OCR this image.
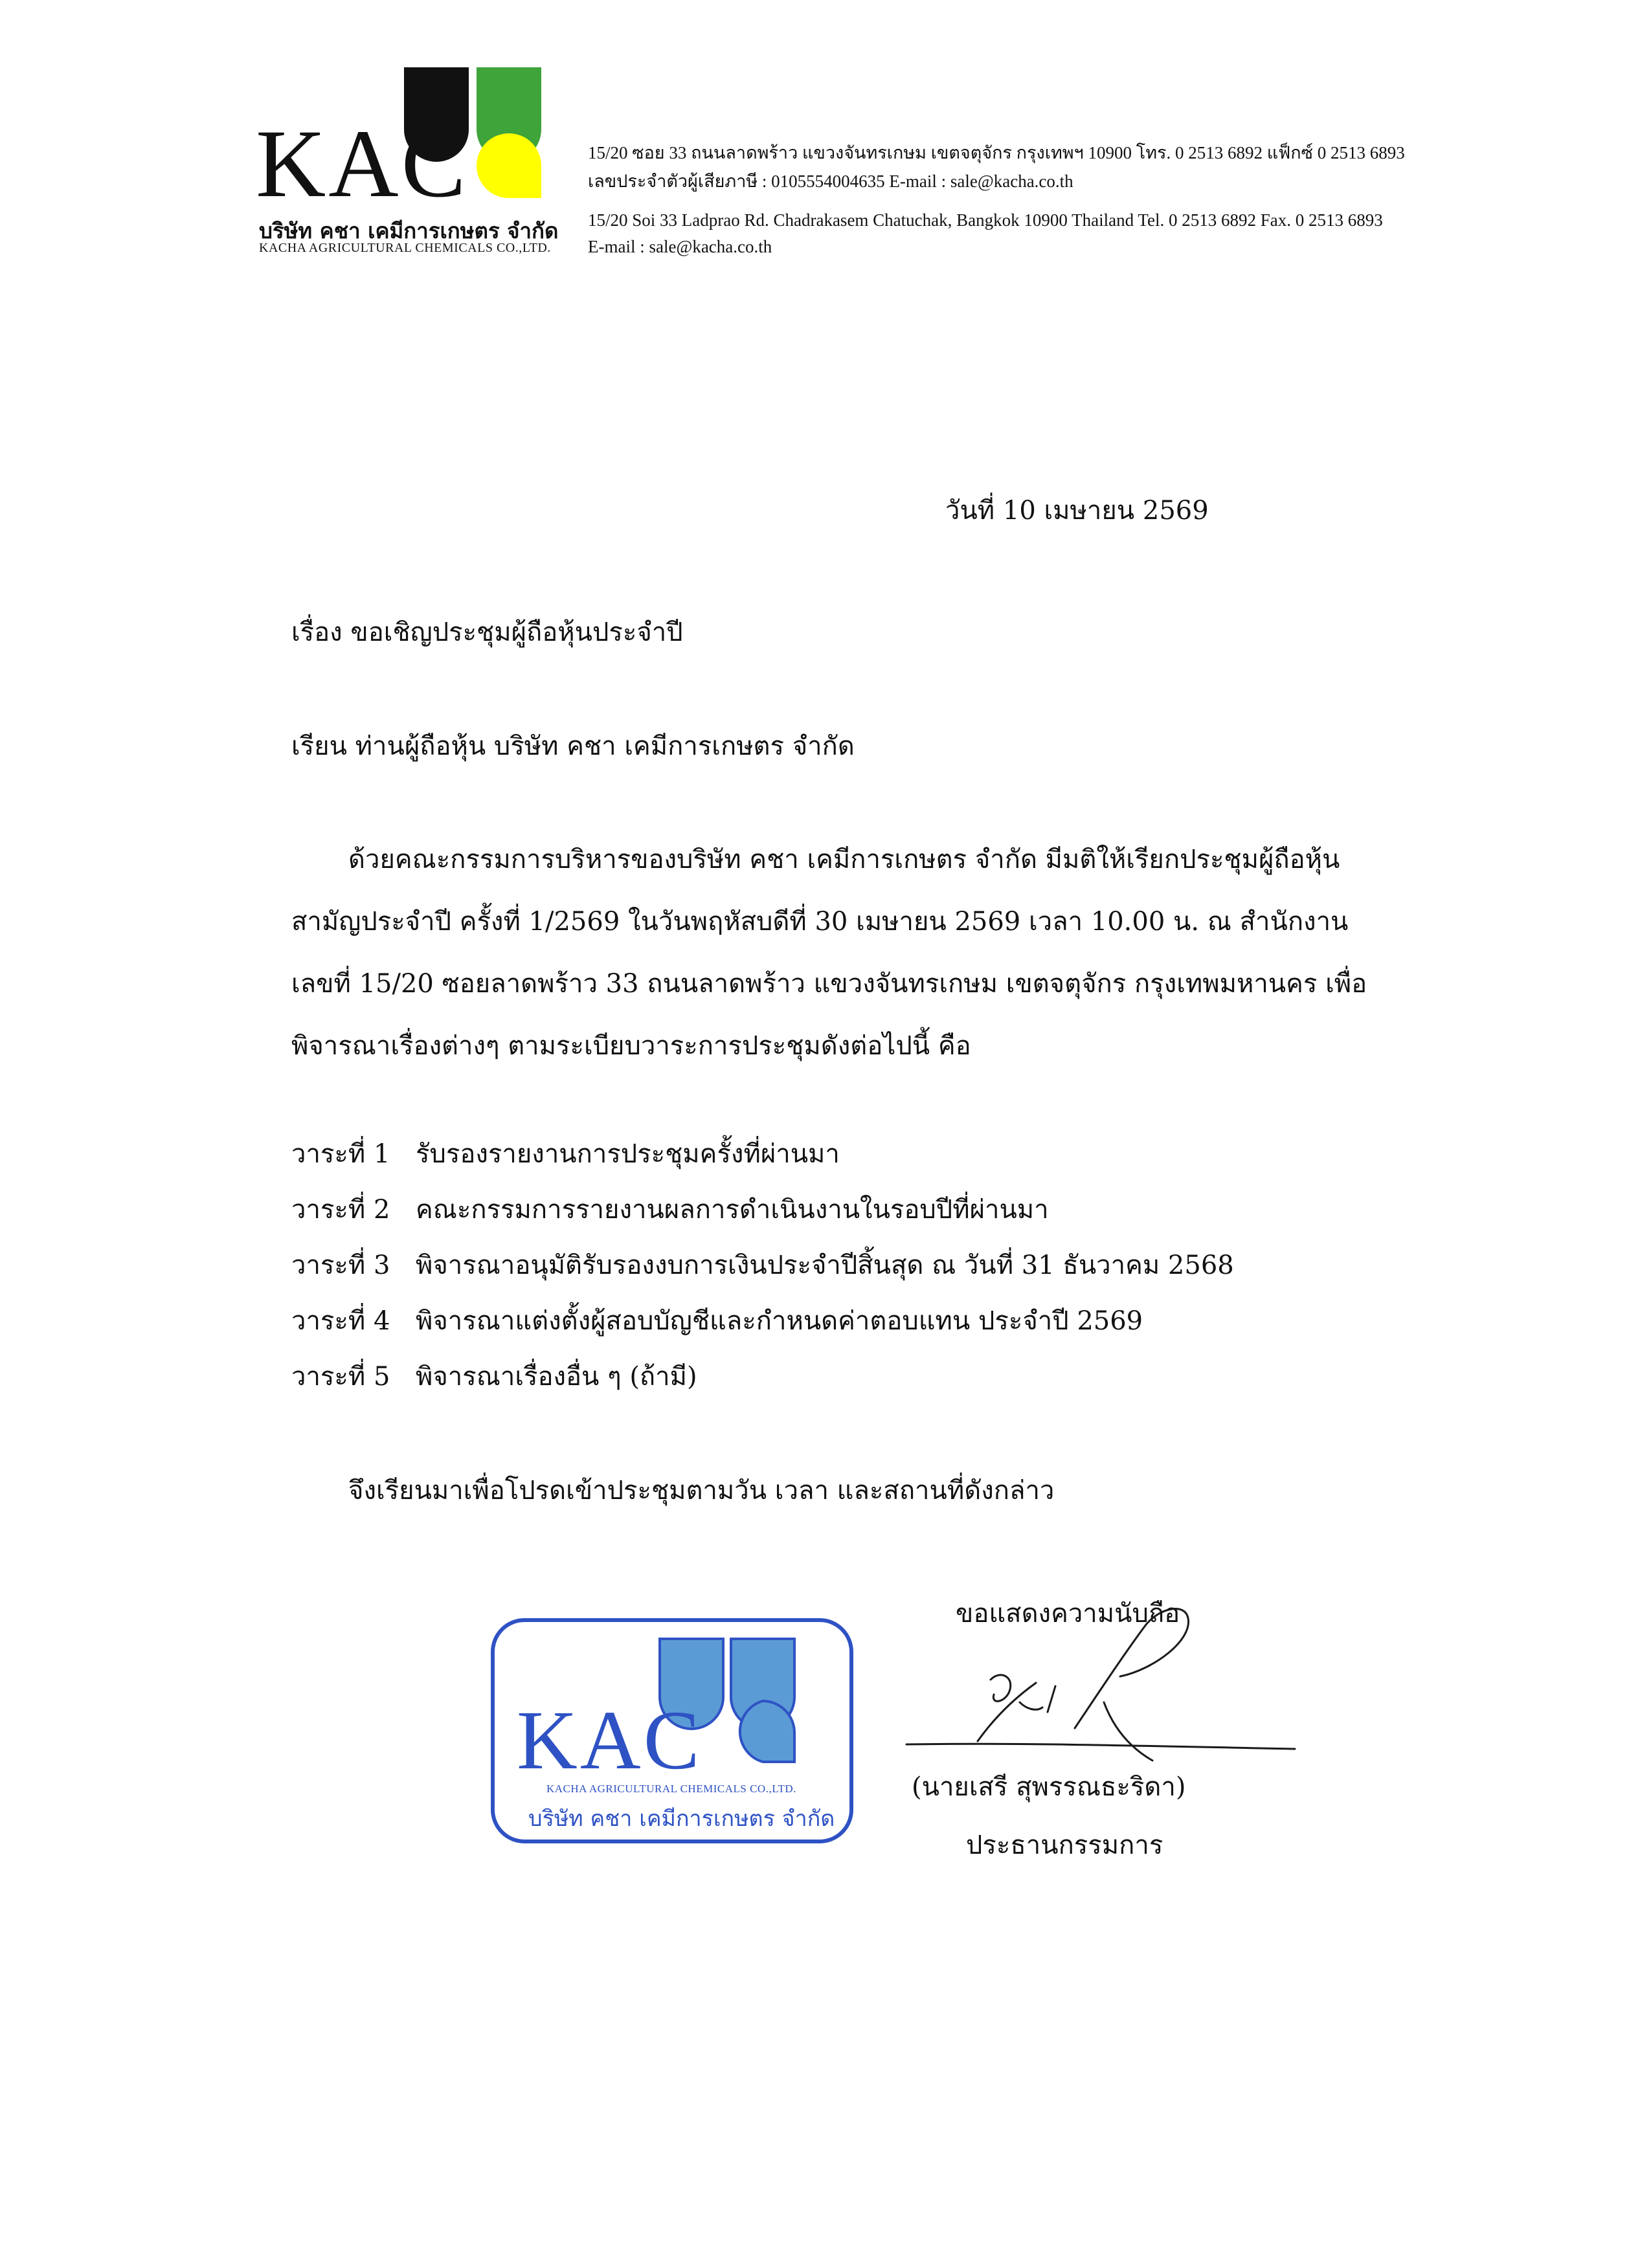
KAC
บริษัท คชา เคมีการเกษตร จำกัด
KACHA AGRICULTURAL CHEMICALS CO.,LTD.
15/20 ซอย 33 ถนนลาดพร้าว แขวงจันทรเกษม เขตจตุจักร กรุงเทพฯ 10900 โทร. 0 2513 6892 แฟ็กซ์ 0 2513 6893
เลขประจำตัวผู้เสียภาษี : 0105554004635 E-mail : sale@kacha.co.th
15/20 Soi 33 Ladprao Rd. Chadrakasem Chatuchak, Bangkok 10900 Thailand Tel. 0 2513 6892 Fax. 0 2513 6893
E-mail : sale@kacha.co.th
วันที่ 10 เมษายน 2569
เรื่อง ขอเชิญประชุมผู้ถือหุ้นประจำปี
เรียน ท่านผู้ถือหุ้น บริษัท คชา เคมีการเกษตร จำกัด
ด้วยคณะกรรมการบริหารของบริษัท คชา เคมีการเกษตร จำกัด มีมติให้เรียกประชุมผู้ถือหุ้น
สามัญประจำปี ครั้งที่ 1/2569 ในวันพฤหัสบดีที่ 30 เมษายน 2569 เวลา 10.00 น. ณ สำนักงาน
เลขที่ 15/20 ซอยลาดพร้าว 33 ถนนลาดพร้าว แขวงจันทรเกษม เขตจตุจักร กรุงเทพมหานคร เพื่อ
พิจารณาเรื่องต่างๆ ตามระเบียบวาระการประชุมดังต่อไปนี้ คือ
วาระที่ 1 รับรองรายงานการประชุมครั้งที่ผ่านมา
วาระที่ 2 คณะกรรมการรายงานผลการดำเนินงานในรอบปีที่ผ่านมา
วาระที่ 3 พิจารณาอนุมัติรับรองงบการเงินประจำปีสิ้นสุด ณ วันที่ 31 ธันวาคม 2568
วาระที่ 4 พิจารณาแต่งตั้งผู้สอบบัญชีและกำหนดค่าตอบแทน ประจำปี 2569
วาระที่ 5 พิจารณาเรื่องอื่น ๆ (ถ้ามี)
จึงเรียนมาเพื่อโปรดเข้าประชุมตามวัน เวลา และสถานที่ดังกล่าว
ขอแสดงความนับถือ
(นายเสรี สุพรรณธะริดา)
ประธานกรรมการ
KAC
KACHA AGRICULTURAL CHEMICALS CO.,LTD.
บริษัท คชา เคมีการเกษตร จำกัด
